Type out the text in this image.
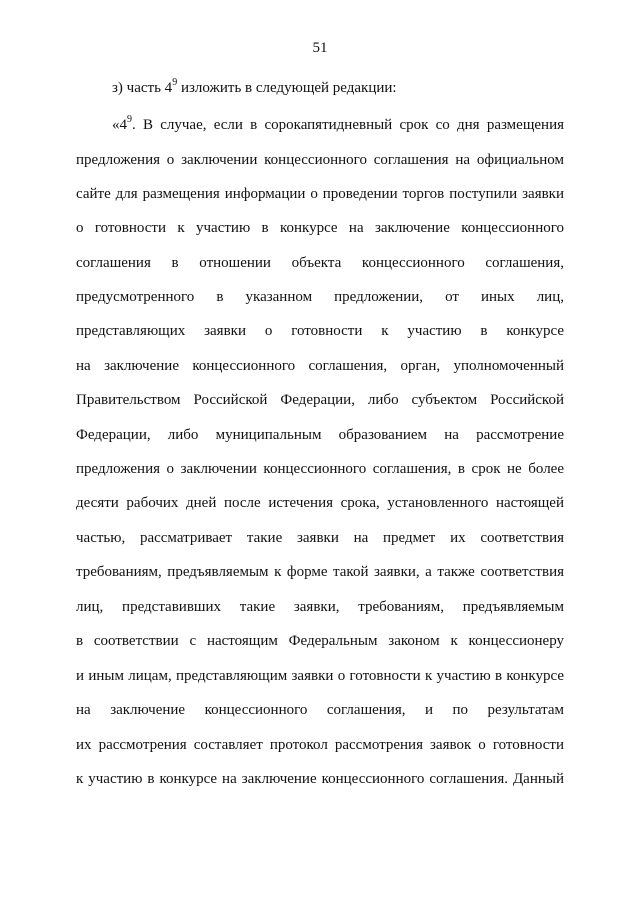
51
з) часть $4^9$ изложить в следующей редакции:
«$4^9$. В случае, если в сорокапятидневный срок со дня размещения
предложения о заключении концессионного соглашения на официальном
сайте для размещения информации о проведении торгов поступили заявки
о готовности к участию в конкурсе на заключение концессионного
соглашения в отношении объекта концессионного соглашения,
предусмотренного в указанном предложении, от иных лиц,
представляющих заявки о готовности к участию в конкурсе
на заключение концессионного соглашения, орган, уполномоченный
Правительством Российской Федерации, либо субъектом Российской
Федерации, либо муниципальным образованием на рассмотрение
предложения о заключении концессионного соглашения, в срок не более
десяти рабочих дней после истечения срока, установленного настоящей
частью, рассматривает такие заявки на предмет их соответствия
требованиям, предъявляемым к форме такой заявки, а также соответствия
лиц, представивших такие заявки, требованиям, предъявляемым
в соответствии с настоящим Федеральным законом к концессионеру
и иным лицам, представляющим заявки о готовности к участию в конкурсе
на заключение концессионного соглашения, и по результатам
их рассмотрения составляет протокол рассмотрения заявок о готовности
к участию в конкурсе на заключение концессионного соглашения. Данный
